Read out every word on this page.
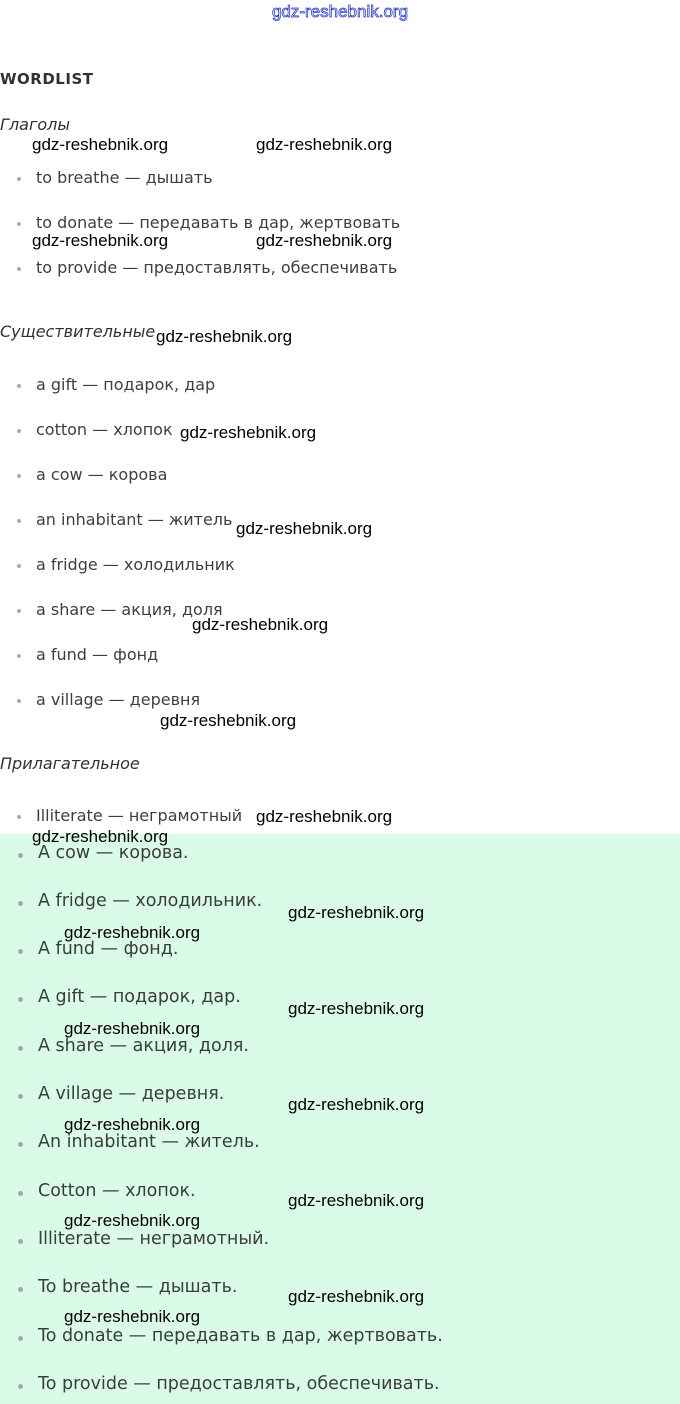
gdz-reshebnik.org
WORDLIST
Глаголы
to breathe — дышать
to donate — передавать в дар, жертвовать
to provide — предоставлять, обеспечивать
Существительные
a gift — подарок, дар
cotton — хлопок
a cow — корова
an inhabitant — житель
a fridge — холодильник
a share — акция, доля
a fund — фонд
a village — деревня
Прилагательное
Illiterate — неграмотный
A cow — корова.
A fridge — холодильник.
A fund — фонд.
A gift — подарок, дар.
A share — акция, доля.
A village — деревня.
An inhabitant — житель.
Cotton — хлопок.
Illiterate — неграмотный.
To breathe — дышать.
To donate — передавать в дар, жертвовать.
To provide — предоставлять, обеспечивать.
gdz-reshebnik.org	gdz-reshebnik.org
gdz-reshebnik.org	gdz-reshebnik.org
gdz-reshebnik.org
gdz-reshebnik.org
gdz-reshebnik.org
gdz-reshebnik.org
gdz-reshebnik.org
gdz-reshebnik.org
gdz-reshebnik.org
gdz-reshebnik.org
gdz-reshebnik.org
gdz-reshebnik.org
gdz-reshebnik.org
gdz-reshebnik.org
gdz-reshebnik.org
gdz-reshebnik.org
gdz-reshebnik.org
gdz-reshebnik.org
gdz-reshebnik.org
